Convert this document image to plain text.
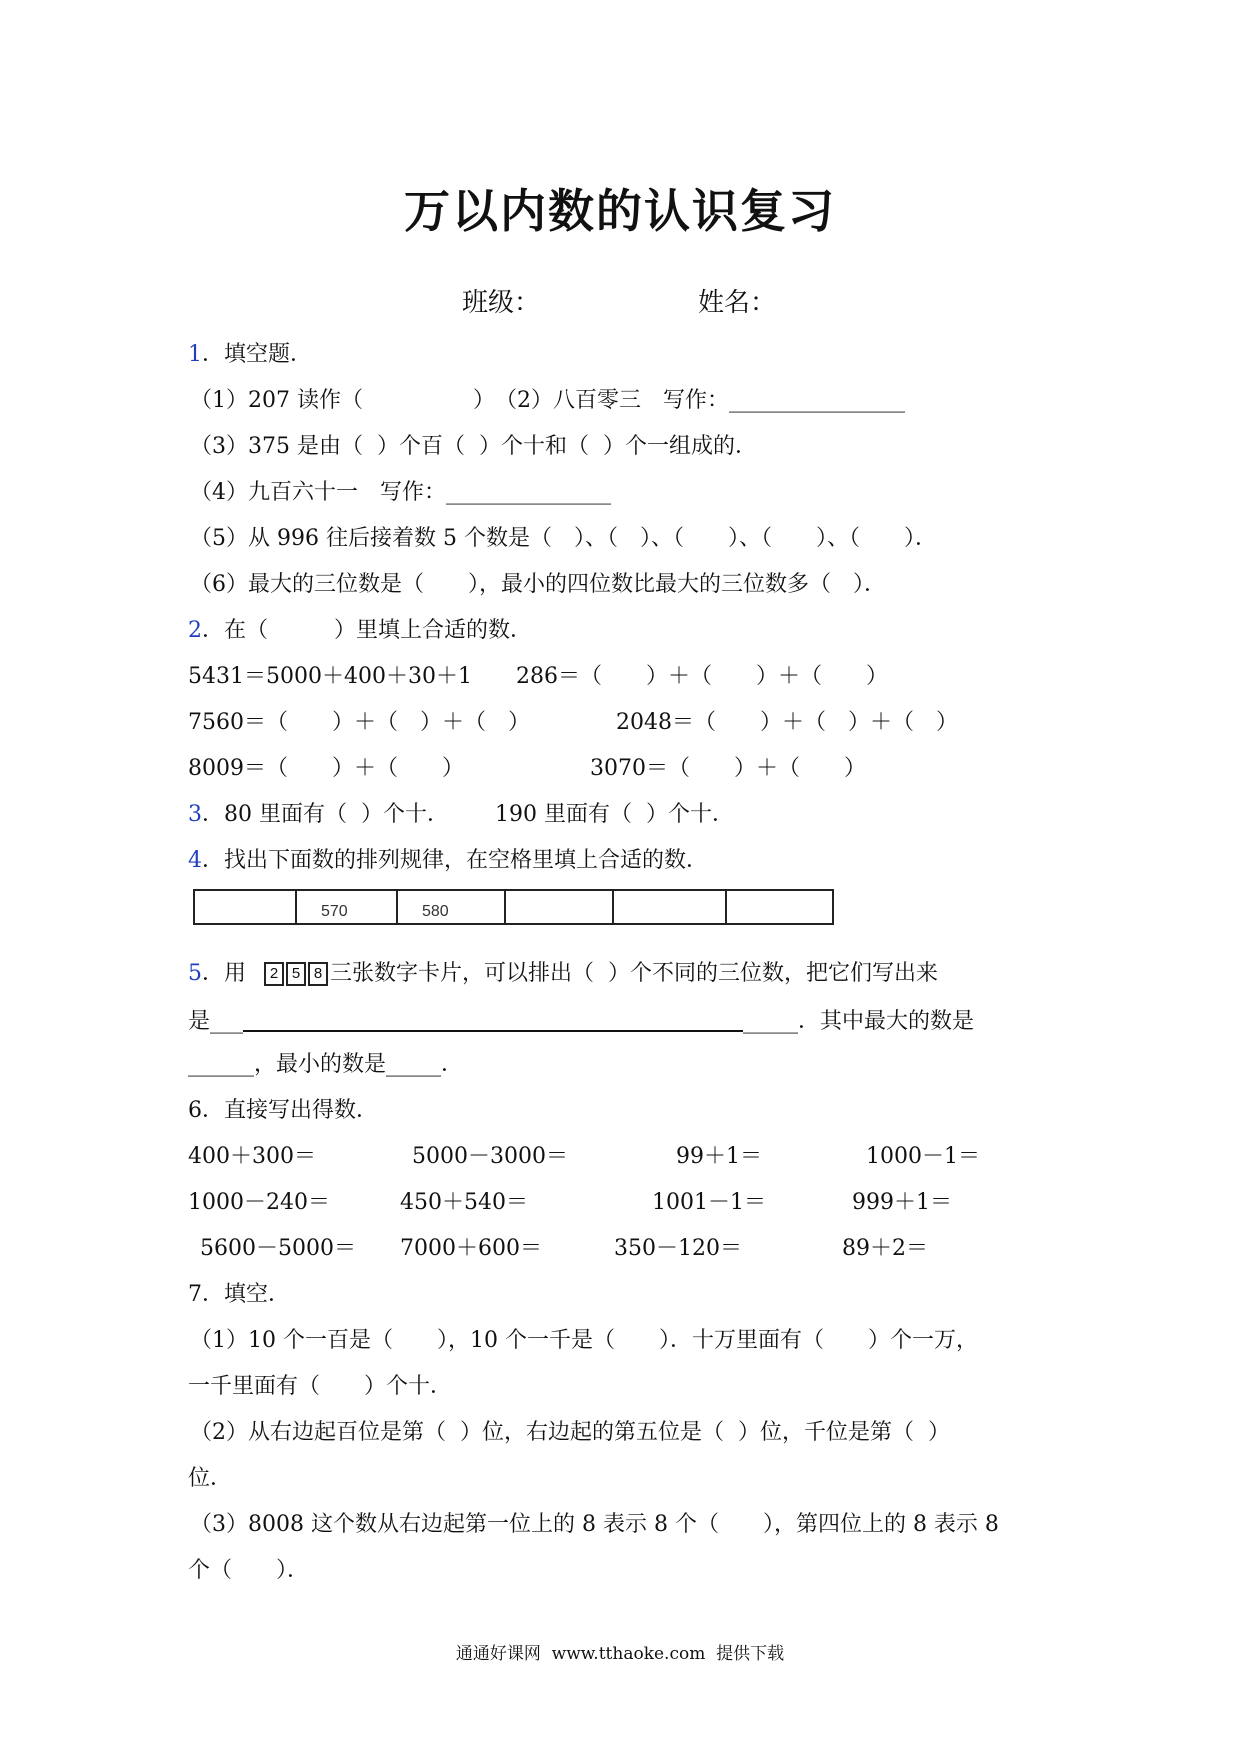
万以内数的认识复习
班级：	姓名：
1．填空题．
（1）207 读作（　　　　　）　（2）八百零三　写作：________________
（3）375 是由（  ）个百（  ）个十和（  ）个一组成的．
（4）九百六十一　写作：_______________
（5）从 996 往后接着数 5 个数是（　）、（　）、（　　）、（　　）、（　　）．
（6）最大的三位数是（　　），最小的四位数比最大的三位数多（　）．
2．在（　　　）里填上合适的数．
5431＝5000＋400＋30＋1 286＝（　　）＋（　　）＋（　　）
7560＝（　　）＋（　）＋（　）	2048＝（　　）＋（　）＋（　）
8009＝（　　）＋（　　）	3070＝（　　）＋（　　）
3．80 里面有（  ）个十． 190 里面有（  ）个十．
4．找出下面数的排列规律，在空格里填上合适的数．
570	580
5．用 2 5 8 三张数字卡片，可以排出（  ）个不同的三位数，把它们写出来
是___	_____．其中最大的数是
______，最小的数是_____．
6．直接写出得数．
400＋300＝	5000－3000＝	99＋1＝	1000－1＝
1000－240＝	450＋540＝	1001－1＝	999＋1＝
5600－5000＝ 7000＋600＝	350－120＝	89＋2＝
7．填空．
（1）10 个一百是（　　），10 个一千是（　　）．十万里面有（　　）个一万，
一千里面有（　　）个十．
（2）从右边起百位是第（  ）位，右边起的第五位是（  ）位，千位是第（  ）
位．
（3）8008 这个数从右边起第一位上的 8 表示 8 个（　　），第四位上的 8 表示 8
个（　　）．
通通好课网  www.tthaoke.com  提供下载
